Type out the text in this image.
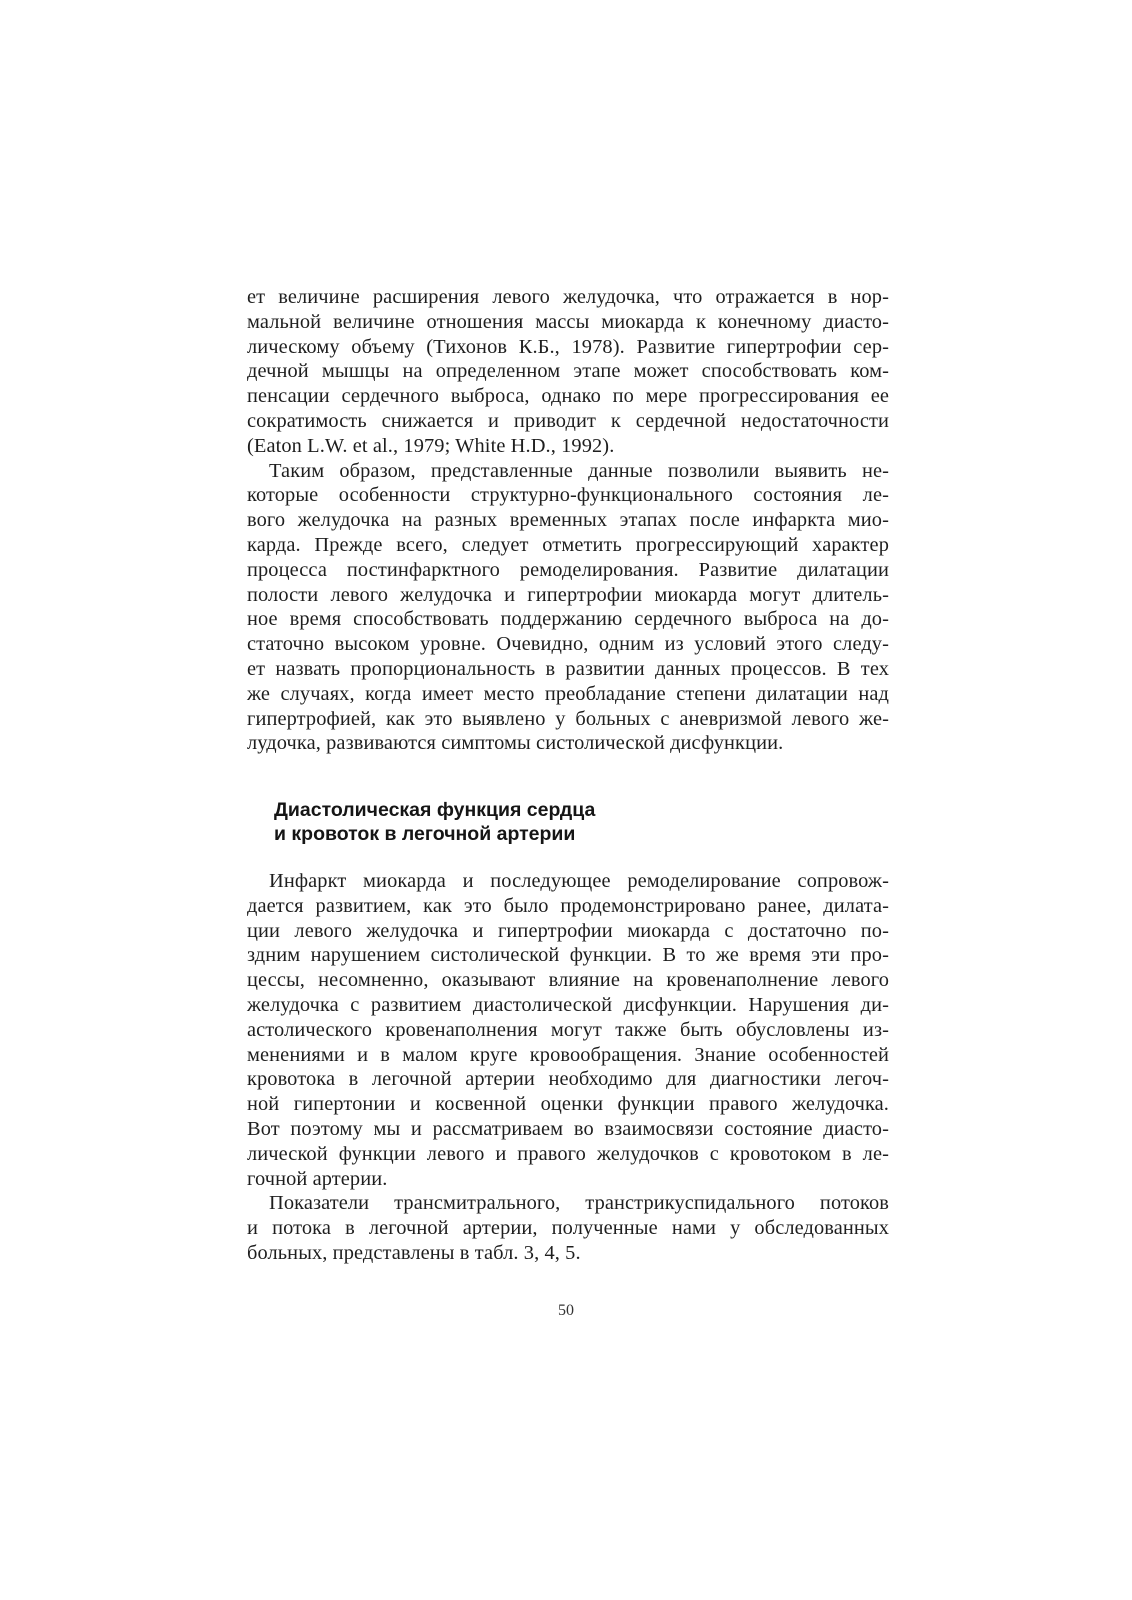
ет величине расширения левого желудочка, что отражается в нор-
мальной величине отношения массы миокарда к конечному диасто-
лическому объему (Тихонов К.Б., 1978). Развитие гипертрофии сер-
дечной мышцы на определенном этапе может способствовать ком-
пенсации сердечного выброса, однако по мере прогрессирования ее
сократимость снижается и приводит к сердечной недостаточности
(Eaton L.W. et al., 1979; White H.D., 1992).
Таким образом, представленные данные позволили выявить не-
которые особенности структурно-функционального состояния ле-
вого желудочка на разных временных этапах после инфаркта мио-
карда. Прежде всего, следует отметить прогрессирующий характер
процесса постинфарктного ремоделирования. Развитие дилатации
полости левого желудочка и гипертрофии миокарда могут длитель-
ное время способствовать поддержанию сердечного выброса на до-
статочно высоком уровне. Очевидно, одним из условий этого следу-
ет назвать пропорциональность в развитии данных процессов. В тех
же случаях, когда имеет место преобладание степени дилатации над
гипертрофией, как это выявлено у больных с аневризмой левого же-
лудочка, развиваются симптомы систолической дисфункции.
Диастолическая функция сердца
и кровоток в легочной артерии
Инфаркт миокарда и последующее ремоделирование сопровож-
дается развитием, как это было продемонстрировано ранее, дилата-
ции левого желудочка и гипертрофии миокарда с достаточно по-
здним нарушением систолической функции. В то же время эти про-
цессы, несомненно, оказывают влияние на кровенаполнение левого
желудочка с развитием диастолической дисфункции. Нарушения ди-
астолического кровенаполнения могут также быть обусловлены из-
менениями и в малом круге кровообращения. Знание особенностей
кровотока в легочной артерии необходимо для диагностики легоч-
ной гипертонии и косвенной оценки функции правого желудочка.
Вот поэтому мы и рассматриваем во взаимосвязи состояние диасто-
лической функции левого и правого желудочков с кровотоком в ле-
гочной артерии.
Показатели трансмитрального, транстрикуспидального потоков
и потока в легочной артерии, полученные нами у обследованных
больных, представлены в табл. 3, 4, 5.
50
